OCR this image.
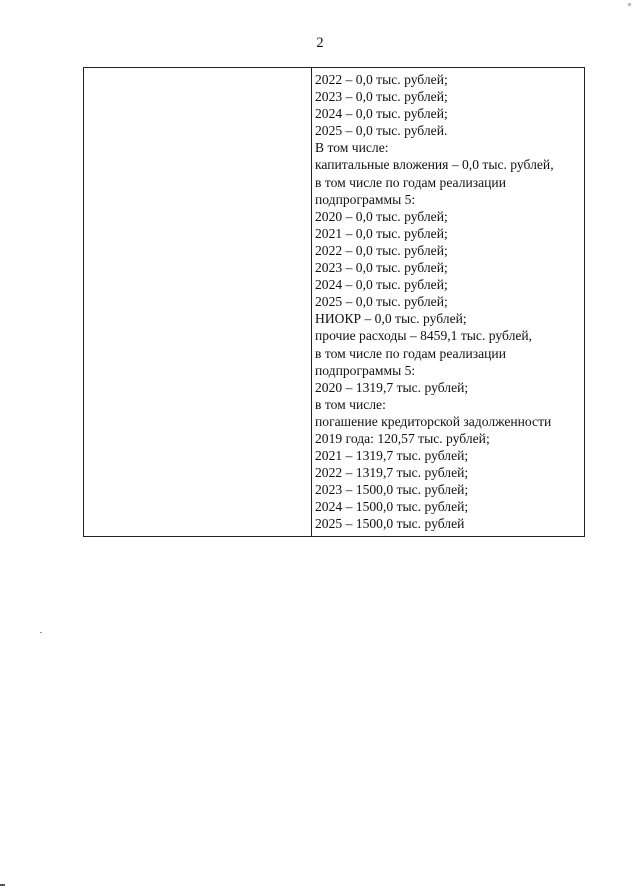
2
2022 – 0,0 тыс. рублей;
2023 – 0,0 тыс. рублей;
2024 – 0,0 тыс. рублей;
2025 – 0,0 тыс. рублей.
В том числе:
капитальные вложения – 0,0 тыс. рублей,
в том числе по годам реализации
подпрограммы 5:
2020 – 0,0 тыс. рублей;
2021 – 0,0 тыс. рублей;
2022 – 0,0 тыс. рублей;
2023 – 0,0 тыс. рублей;
2024 – 0,0 тыс. рублей;
2025 – 0,0 тыс. рублей;
НИОКР – 0,0 тыс. рублей;
прочие расходы – 8459,1 тыс. рублей,
в том числе по годам реализации
подпрограммы 5:
2020 – 1319,7 тыс. рублей;
в том числе:
погашение кредиторской задолженности
2019 года: 120,57 тыс. рублей;
2021 – 1319,7 тыс. рублей;
2022 – 1319,7 тыс. рублей;
2023 – 1500,0 тыс. рублей;
2024 – 1500,0 тыс. рублей;
2025 – 1500,0 тыс. рублей
